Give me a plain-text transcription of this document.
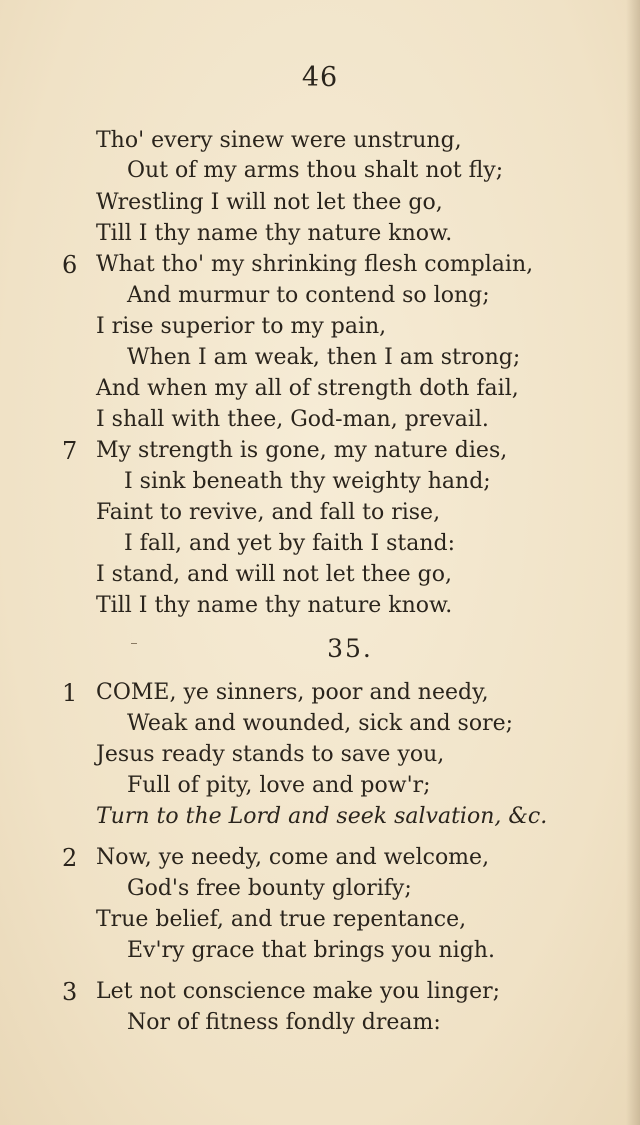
46
Tho' every sinew were unstrung,
Out of my arms thou shalt not fly;
Wrestling I will not let thee go,
Till I thy name thy nature know.
6 What tho' my shrinking flesh complain,
And murmur to contend so long;
I rise superior to my pain,
When I am weak, then I am strong;
And when my all of strength doth fail,
I shall with thee, God-man, prevail.
7 My strength is gone, my nature dies,
I sink beneath thy weighty hand;
Faint to revive, and fall to rise,
I fall, and yet by faith I stand:
I stand, and will not let thee go,
Till I thy name thy nature know.
35.
1 COME, ye sinners, poor and needy,
Weak and wounded, sick and sore;
Jesus ready stands to save you,
Full of pity, love and pow'r;
Turn to the Lord and seek salvation, &c.
2 Now, ye needy, come and welcome,
God's free bounty glorify;
True belief, and true repentance,
Ev'ry grace that brings you nigh.
3 Let not conscience make you linger;
Nor of fitness fondly dream:
